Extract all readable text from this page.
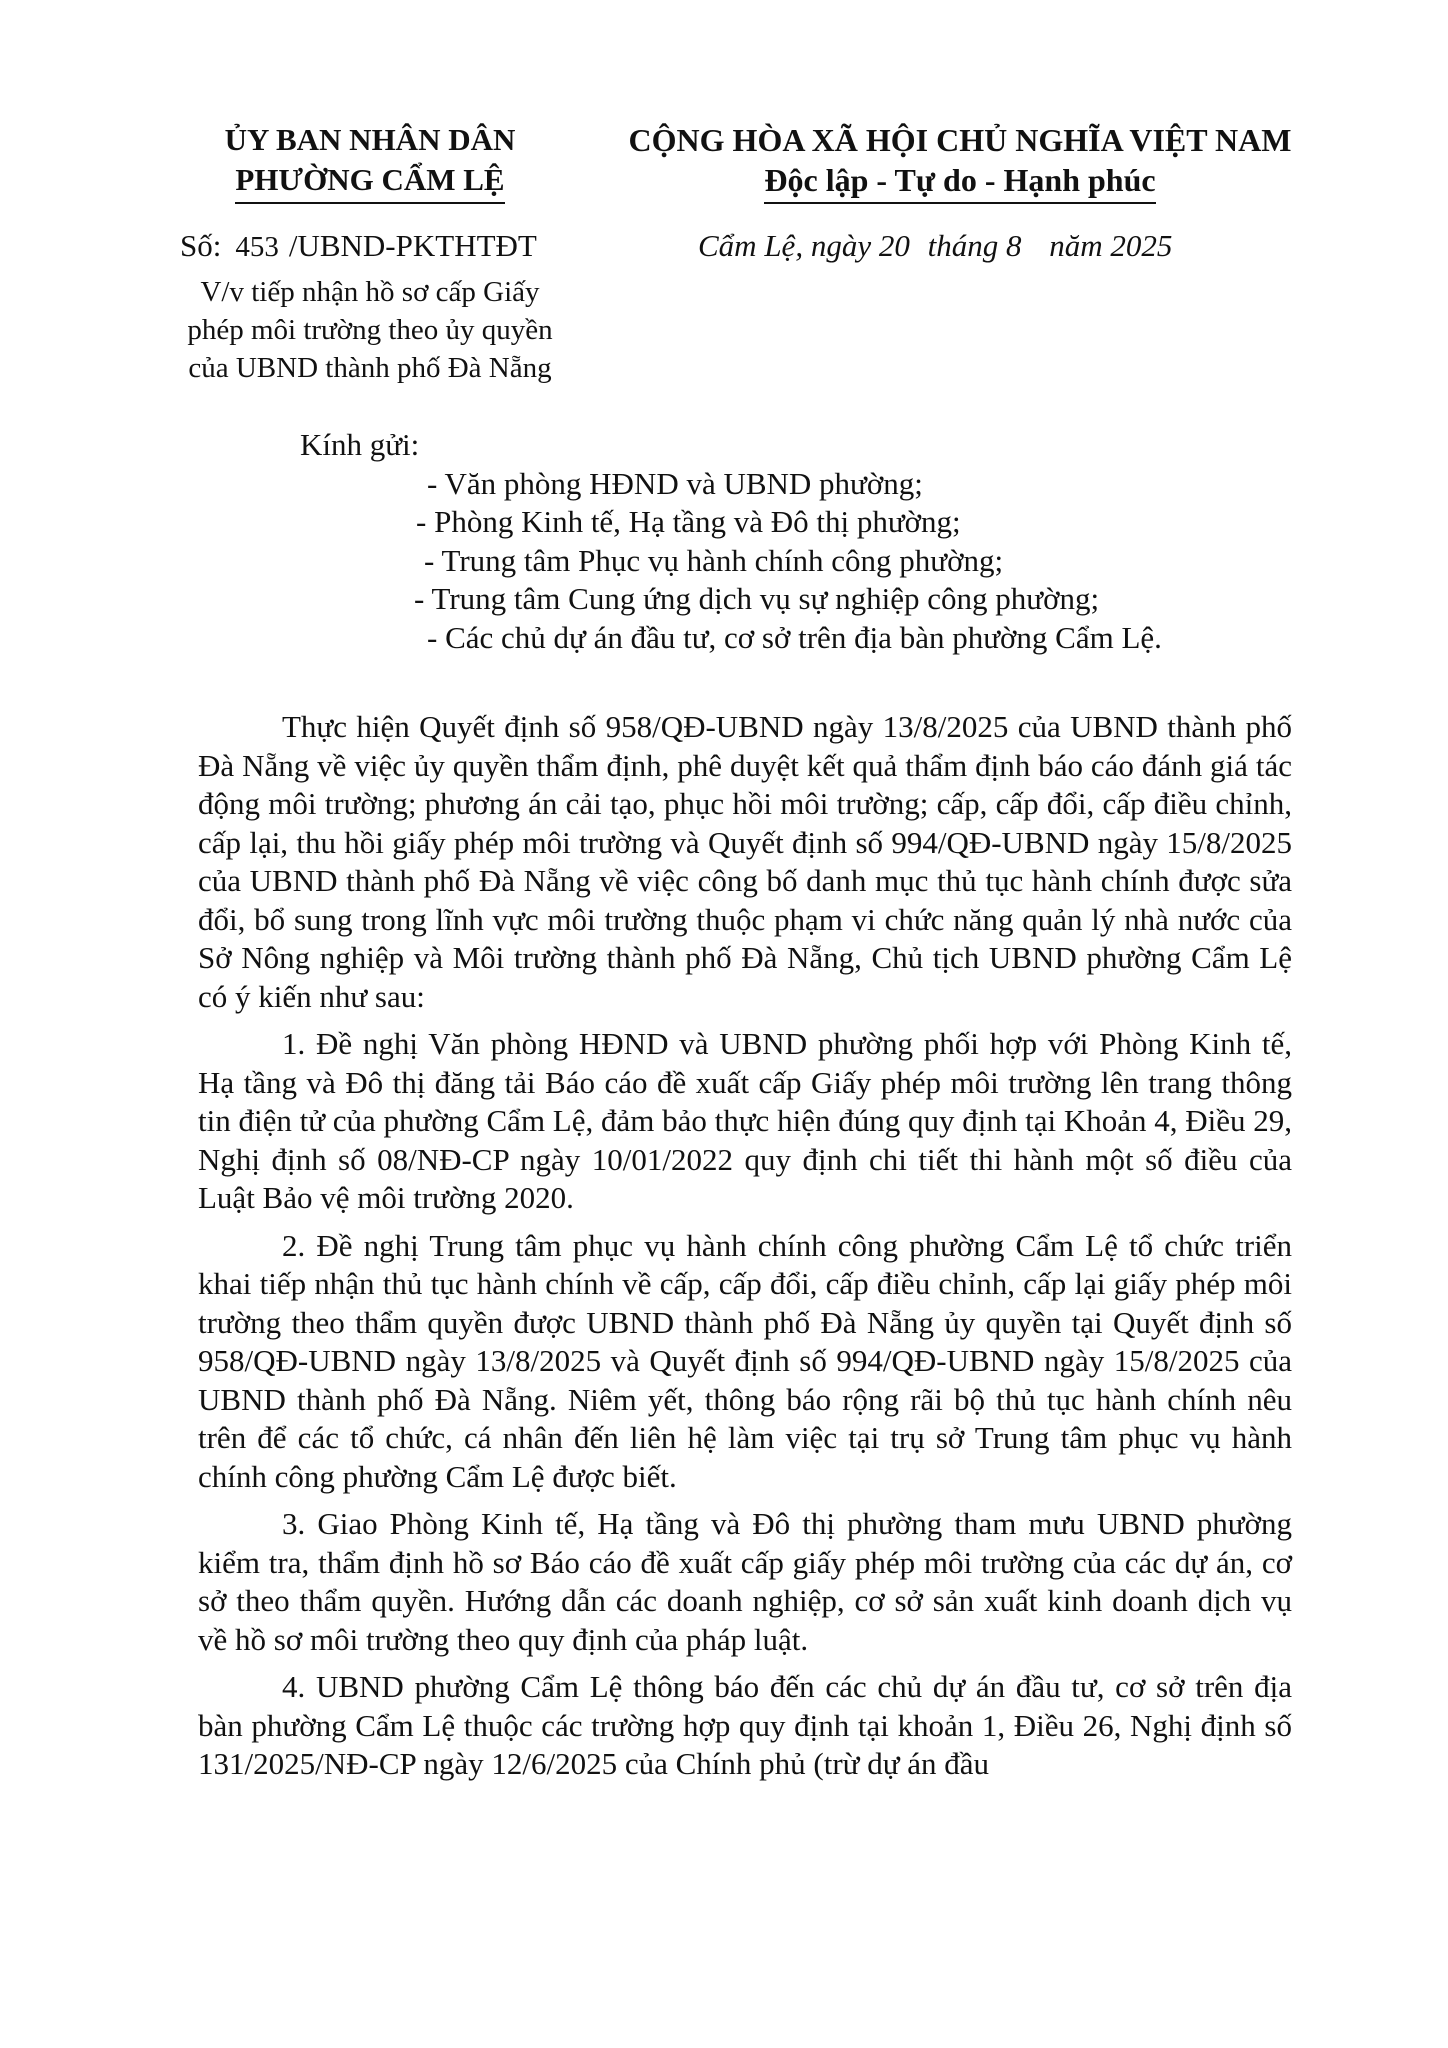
ỦY BAN NHÂN DÂN
PHƯỜNG CẨM LỆ
Số: 453 /UBND-PKTHTĐT
V/v tiếp nhận hồ sơ cấp Giấy
phép môi trường theo ủy quyền
của UBND thành phố Đà Nẵng
CỘNG HÒA XÃ HỘI CHỦ NGHĨA VIỆT NAM
Độc lập - Tự do - Hạnh phúc
Cẩm Lệ, ngày 20 tháng 8 năm 2025
Kính gửi:
- Văn phòng HĐND và UBND phường;
- Phòng Kinh tế, Hạ tầng và Đô thị phường;
- Trung tâm Phục vụ hành chính công phường;
- Trung tâm Cung ứng dịch vụ sự nghiệp công phường;
- Các chủ dự án đầu tư, cơ sở trên địa bàn phường Cẩm Lệ.

Thực hiện Quyết định số 958/QĐ-UBND ngày 13/8/2025 của UBND thành phố Đà Nẵng về việc ủy quyền thẩm định, phê duyệt kết quả thẩm định báo cáo đánh giá tác động môi trường; phương án cải tạo, phục hồi môi trường; cấp, cấp đổi, cấp điều chỉnh, cấp lại, thu hồi giấy phép môi trường và Quyết định số 994/QĐ-UBND ngày 15/8/2025 của UBND thành phố Đà Nẵng về việc công bố danh mục thủ tục hành chính được sửa đổi, bổ sung trong lĩnh vực môi trường thuộc phạm vi chức năng quản lý nhà nước của Sở Nông nghiệp và Môi trường thành phố Đà Nẵng, Chủ tịch UBND phường Cẩm Lệ có ý kiến như sau:

1. Đề nghị Văn phòng HĐND và UBND phường phối hợp với Phòng Kinh tế, Hạ tầng và Đô thị đăng tải Báo cáo đề xuất cấp Giấy phép môi trường lên trang thông tin điện tử của phường Cẩm Lệ, đảm bảo thực hiện đúng quy định tại Khoản 4, Điều 29, Nghị định số 08/NĐ-CP ngày 10/01/2022 quy định chi tiết thi hành một số điều của Luật Bảo vệ môi trường 2020.

2. Đề nghị Trung tâm phục vụ hành chính công phường Cẩm Lệ tổ chức triển khai tiếp nhận thủ tục hành chính về cấp, cấp đổi, cấp điều chỉnh, cấp lại giấy phép môi trường theo thẩm quyền được UBND thành phố Đà Nẵng ủy quyền tại Quyết định số 958/QĐ-UBND ngày 13/8/2025 và Quyết định số 994/QĐ-UBND ngày 15/8/2025 của UBND thành phố Đà Nẵng. Niêm yết, thông báo rộng rãi bộ thủ tục hành chính nêu trên để các tổ chức, cá nhân đến liên hệ làm việc tại trụ sở Trung tâm phục vụ hành chính công phường Cẩm Lệ được biết.

3. Giao Phòng Kinh tế, Hạ tầng và Đô thị phường tham mưu UBND phường kiểm tra, thẩm định hồ sơ Báo cáo đề xuất cấp giấy phép môi trường của các dự án, cơ sở theo thẩm quyền. Hướng dẫn các doanh nghiệp, cơ sở sản xuất kinh doanh dịch vụ về hồ sơ môi trường theo quy định của pháp luật.

4. UBND phường Cẩm Lệ thông báo đến các chủ dự án đầu tư, cơ sở trên địa bàn phường Cẩm Lệ thuộc các trường hợp quy định tại khoản 1, Điều 26, Nghị định số 131/2025/NĐ-CP ngày 12/6/2025 của Chính phủ (trừ dự án đầu
